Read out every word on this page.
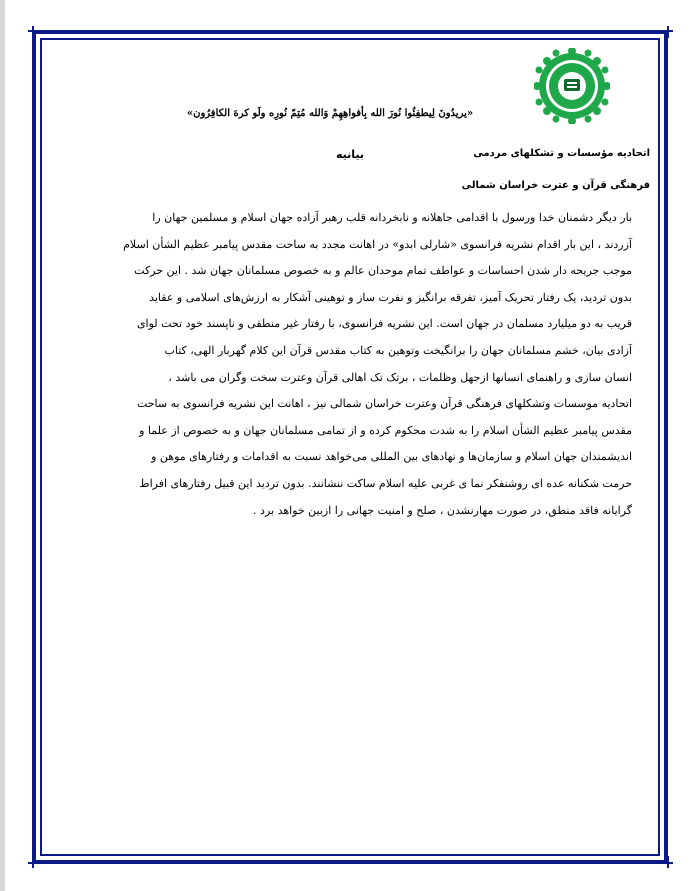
«یریدُونَ لِیطفِئُوا نُورَ الله بِأفواهِهِمْ وَالله مُتِمّ نُورِه ولَو کرهَ الکافِرُون»
بیانیه	اتحادیه مؤسسات و تشکلهای مردمی
فرهنگی قرآن و عترت خراسان شمالی
بار دیگر دشمنان خدا ورسول با اقدامی جاهلانه و نابخردانه قلب رهبر آزاده جهان اسلام و مسلمین جهان را
آزردند ، این بار اقدام نشریه فرانسوی «شارلی ابدو» در اهانت مجدد به ساحت مقدس پیامبر عظیم الشأن اسلام
موجب جریحه دار شدن احساسات و عواطف تمام موحدان عالم و به خصوص مسلمانان جهان شد . این حرکت
بدون تردید، یک رفتار تحریک آمیز، تفرقه برانگیز و نفرت ساز و توهینی آشکار به ارزش‌های اسلامی و عقاید
قریب به دو میلیارد مسلمان در جهان است. این نشریه فرانسوی، با رفتار غیر منطقی و ناپسند خود تحت لوای
آزادی بیان، خشم مسلمانان جهان را برانگیخت وتوهین به کتاب مقدس قرآن این کلام گهربار الهی، کتاب
انسان سازی و راهنمای انسانها ازجهل وظلمات ، برتک تک اهالی قرآن وعترت سخت وگران می باشد ،
اتحادیه موسسات وتشکلهای فرهنگی قرآن وعترت خراسان شمالی نیز ، اهانت این نشریه فرانسوی به ساحت
مقدس پیامبر عظیم الشأن اسلام را به شدت محکوم کرده و از تمامی مسلمانان جهان و به خصوص از علما و
اندیشمندان جهان اسلام و سازمان‌ها و نهادهای بین المللی می‌خواهد نسبت به اقدامات و رفتارهای موهن و
حرمت شکنانه عده ای روشنفکر نما ی غربی علیه اسلام ساکت ننشانند. بدون تردید این قبیل رفتارهای افراط
گرایانه فاقد منطق، در صورت مهارنشدن ، صلح و امنیت جهانی را ازبین خواهد برد .
